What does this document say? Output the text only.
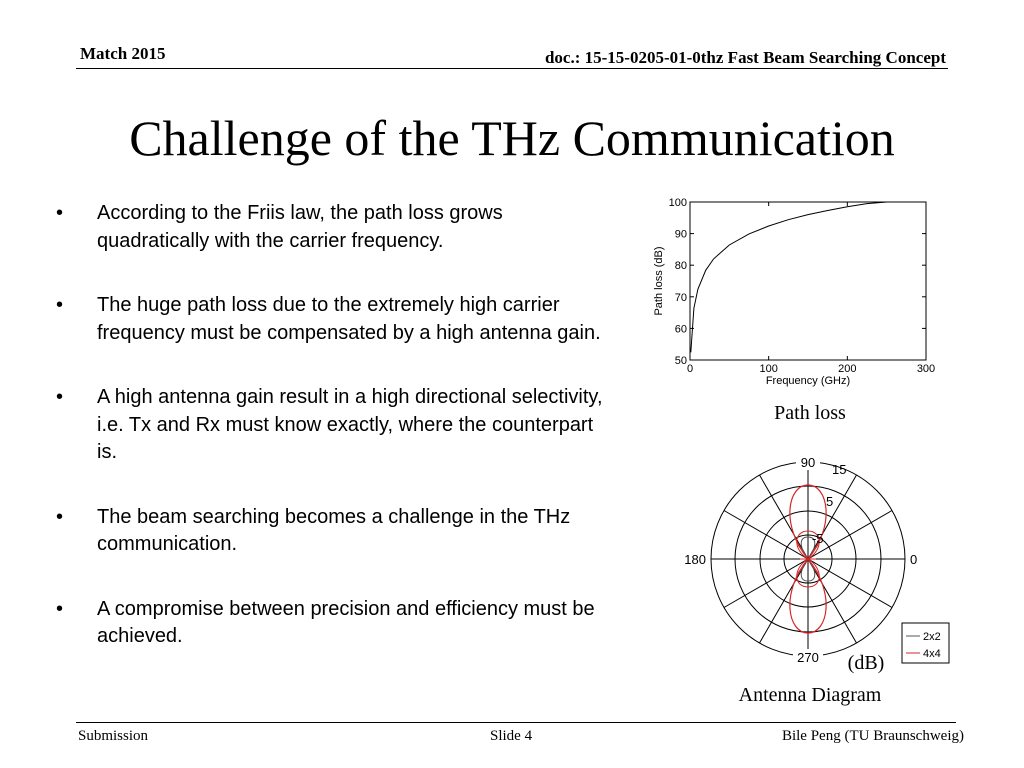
Match 2015	doc.: 15-15-0205-01-0thz Fast Beam Searching Concept
Challenge of the THz Communication
• According to the Friis law, the path loss grows quadratically with the carrier frequency.
• The huge path loss due to the extremely high carrier frequency must be compensated by a high antenna gain.
• A high antenna gain result in a high directional selectivity, i.e. Tx and Rx must know exactly, where the counterpart is.
• The beam searching becomes a challenge in the THz communication.
• A compromise between precision and efficiency must be achieved.
0	100	200	300
50
60
70
80
90
100
Frequency (GHz)
Path loss (dB)
Path loss
90
270
180	0
15
5
-5
2x2
4x4
(dB)
Antenna Diagram
Submission	Slide 4	Bile Peng (TU Braunschweig)
